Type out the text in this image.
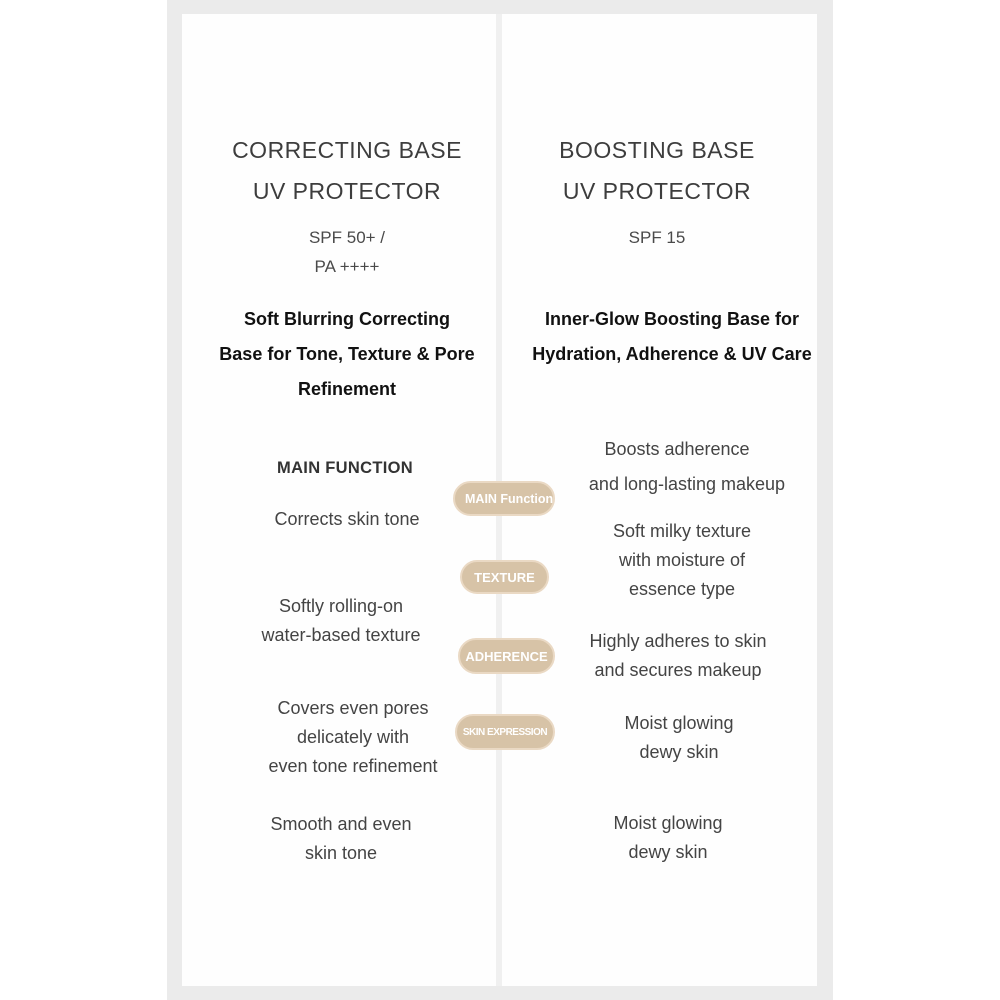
CORRECTING BASE
UV PROTECTOR
SPF 50+ /
PA ++++
Soft Blurring Correcting
Base for Tone, Texture & Pore
Refinement
MAIN FUNCTION
Corrects skin tone
Softly rolling-on
water-based texture
Covers even pores
delicately with
even tone refinement
Smooth and even
skin tone
BOOSTING BASE
UV PROTECTOR
SPF 15
Inner-Glow Boosting Base for
Hydration, Adherence & UV Care
Boosts adherence
and long-lasting makeup
Soft milky texture
with moisture of
essence type
Highly adheres to skin
and secures makeup
Moist glowing
dewy skin
Moist glowing
dewy skin
MAIN Function
TEXTURE
ADHERENCE
SKIN EXPRESSION
